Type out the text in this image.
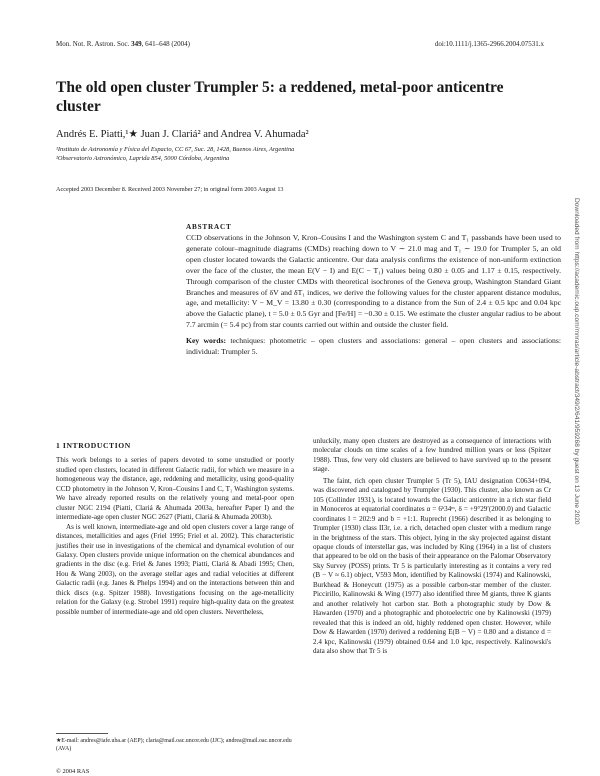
Mon. Not. R. Astron. Soc. 349, 641–648 (2004)	doi:10.1111/j.1365-2966.2004.07531.x
The old open cluster Trumpler 5: a reddened, metal-poor anticentre cluster
Andrés E. Piatti,¹★ Juan J. Clariá² and Andrea V. Ahumada²
¹Instituto de Astronomía y Física del Espacio, CC 67, Suc. 28, 1428, Buenos Aires, Argentina
²Observatorio Astronómico, Laprida 854, 5000 Córdoba, Argentina
Accepted 2003 December 8. Received 2003 November 27; in original form 2003 August 13
ABSTRACT

CCD observations in the Johnson V, Kron–Cousins I and the Washington system C and T₁ passbands have been used to generate colour–magnitude diagrams (CMDs) reaching down to V ∼ 21.0 mag and T₁ ∼ 19.0 for Trumpler 5, an old open cluster located towards the Galactic anticentre. Our data analysis confirms the existence of non-uniform extinction over the face of the cluster, the mean E(V − I) and E(C − T₁) values being 0.80 ± 0.05 and 1.17 ± 0.15, respectively. Through comparison of the cluster CMDs with theoretical isochrones of the Geneva group, Washington Standard Giant Branches and measures of δV and δT₁ indices, we derive the following values for the cluster apparent distance modulus, age, and metallicity: V − M_V = 13.80 ± 0.30 (corresponding to a distance from the Sun of 2.4 ± 0.5 kpc and 0.04 kpc above the Galactic plane), t = 5.0 ± 0.5 Gyr and [Fe/H] = −0.30 ± 0.15. We estimate the cluster angular radius to be about 7.7 arcmin (= 5.4 pc) from star counts carried out within and outside the cluster field.

Key words: techniques: photometric – open clusters and associations: general – open clusters and associations: individual: Trumpler 5.

1 INTRODUCTION

This work belongs to a series of papers devoted to some unstudied or poorly studied open clusters, located in different Galactic radii, for which we measure in a homogeneous way the distance, age, reddening and metallicity, using good-quality CCD photometry in the Johnson V, Kron–Cousins I and C, T₁ Washington systems. We have already reported results on the relatively young and metal-poor open cluster NGC 2194 (Piatti, Clariá & Ahumada 2003a, hereafter Paper I) and the intermediate-age open cluster NGC 2627 (Piatti, Clariá & Ahumada 2003b).

As is well known, intermediate-age and old open clusters cover a large range of distances, metallicities and ages (Friel 1995; Friel et al. 2002). This characteristic justifies their use in investigations of the chemical and dynamical evolution of our Galaxy. Open clusters provide unique information on the chemical abundances and gradients in the disc (e.g. Friel & Janes 1993; Piatti, Clariá & Abadi 1995; Chen, Hou & Wang 2003), on the average stellar ages and radial velocities at different Galactic radii (e.g. Janes & Phelps 1994) and on the interactions between thin and thick discs (e.g. Spitzer 1988). Investigations focusing on the age-metallicity relation for the Galaxy (e.g. Strobel 1991) require high-quality data on the greatest possible number of intermediate-age and old open clusters. Nevertheless,

unluckily, many open clusters are destroyed as a consequence of interactions with molecular clouds on time scales of a few hundred million years or less (Spitzer 1988). Thus, few very old clusters are believed to have survived up to the present stage.

The faint, rich open cluster Trumpler 5 (Tr 5), IAU designation C0634+094, was discovered and catalogued by Trumpler (1930). This cluster, also known as Cr 105 (Collinder 1931), is located towards the Galactic anticentre in a rich star field in Monoceros at equatorial coordinates α = 6ʰ34ᵐ, δ = +9°29′(2000.0) and Galactic coordinates l = 202:9 and b = +1:1. Ruprecht (1966) described it as belonging to Trumpler (1930) class II3r, i.e. a rich, detached open cluster with a medium range in the brightness of the stars. This object, lying in the sky projected against distant opaque clouds of interstellar gas, was included by King (1964) in a list of clusters that appeared to be old on the basis of their appearance on the Palomar Observatory Sky Survey (POSS) prints. Tr 5 is particularly interesting as it contains a very red (B − V ≈ 6.1) object, V593 Mon, identified by Kalinowski (1974) and Kalinowski, Burkhead & Honeycutt (1975) as a possible carbon-star member of the cluster. Piccirillo, Kalinowski & Wing (1977) also identified three M giants, three K giants and another relatively hot carbon star. Both a photographic study by Dow & Hawarden (1970) and a photographic and photoelectric one by Kalinowski (1979) revealed that this is indeed an old, highly reddened open cluster. However, while Dow & Hawarden (1970) derived a reddening E(B − V) = 0.80 and a distance d = 2.4 kpc, Kalinowski (1979) obtained 0.64 and 1.0 kpc, respectively. Kalinowski's data also show that Tr 5 is

★E-mail: andres@iafe.uba.ar (AEP); claria@mail.oac.uncor.edu (JJC); andrea@mail.oac.uncor.edu (AVA)
© 2004 RAS
Downloaded from https://academic.oup.com/mnras/article-abstract/349/2/641/959268 by guest on 13 June 2020
